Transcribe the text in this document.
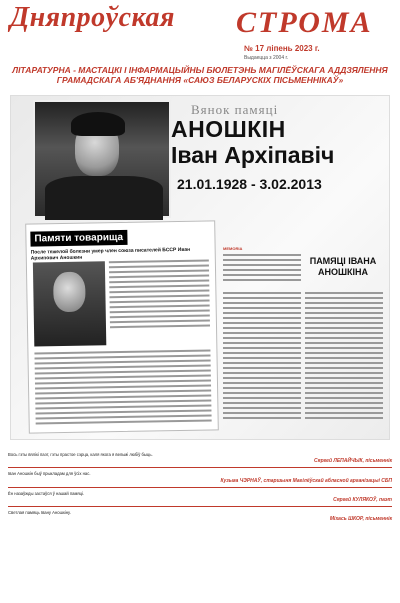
Дняпроўская СТРОМА
№ 17 ліпень 2023 г.
Выдаецца з 2004 г.
ЛІТАРАТУРНА - МАСТАЦКІ І ІНФАРМАЦЫЙНЫ БЮЛЕТЭНЬ МАГІЛЁЎСКАГА АДДЗЯЛЕННЯ ГРАМАДСКАГА АБ'ЯДНАННЯ «САЮЗ БЕЛАРУСКІХ ПІСЬМЕННІКАЎ»
Вянок памяці
АНОШКІН
Іван Архіпавіч
21.01.1928 - 3.02.2013
Памяти товарища
После тяжелой болезни умер член союза писателей БССР Иван Архипович Аношкин
MEMORIA
ПАМЯЦІ ІВАНА АНОШКІНА
Вось гэты вялікі паэт, гэты прастое сэрца, каля якога я вельмі любіў быць.
Сяргей ЛЕПАЙЧЫК, пісьменнік
Іван Аношкін быў прыкладам для ўсіх нас.
Кузьма ЧЭРНАЎ, старшыня Магілёўскай абласной арганізацыі СБП
Ён назаўжды застаўся ў нашай памяці.
Сяргей КУЛЯКОЎ, паэт
Светлая памяць Івану Аношкіну.
Міхась ШКОР, пісьменнік
